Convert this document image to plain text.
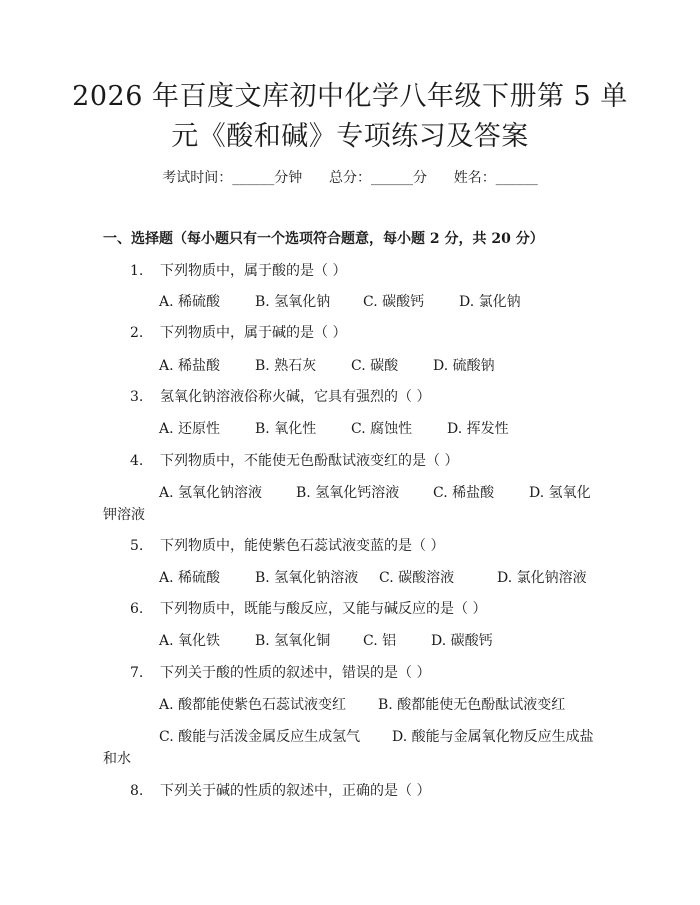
2026 年百度文库初中化学八年级下册第 5 单
元《酸和碱》专项练习及答案
考试时间：______分钟      总分：______分      姓名：______
一、选择题（每小题只有一个选项符合题意，每小题 2 分，共 20 分）
1. 下列物质中，属于酸的是（ ）
A. 稀硫酸 B. 氢氧化钠 C. 碳酸钙 D. 氯化钠
2. 下列物质中，属于碱的是（ ）
A. 稀盐酸 B. 熟石灰 C. 碳酸 D. 硫酸钠
3. 氢氧化钠溶液俗称火碱，它具有强烈的（ ）
A. 还原性 B. 氧化性 C. 腐蚀性 D. 挥发性
4. 下列物质中，不能使无色酚酞试液变红的是（ ）
A. 氢氧化钠溶液 B. 氢氧化钙溶液 C. 稀盐酸 D. 氢氧化
钾溶液
5. 下列物质中，能使紫色石蕊试液变蓝的是（ ）
A. 稀硫酸 B. 氢氧化钠溶液 C. 碳酸溶液	D. 氯化钠溶液
6. 下列物质中，既能与酸反应，又能与碱反应的是（ ）
A. 氧化铁 B. 氢氧化铜 C. 铝 D. 碳酸钙
7. 下列关于酸的性质的叙述中，错误的是（ ）
A. 酸都能使紫色石蕊试液变红 B. 酸都能使无色酚酞试液变红
C. 酸能与活泼金属反应生成氢气 D. 酸能与金属氧化物反应生成盐
和水
8. 下列关于碱的性质的叙述中，正确的是（ ）
